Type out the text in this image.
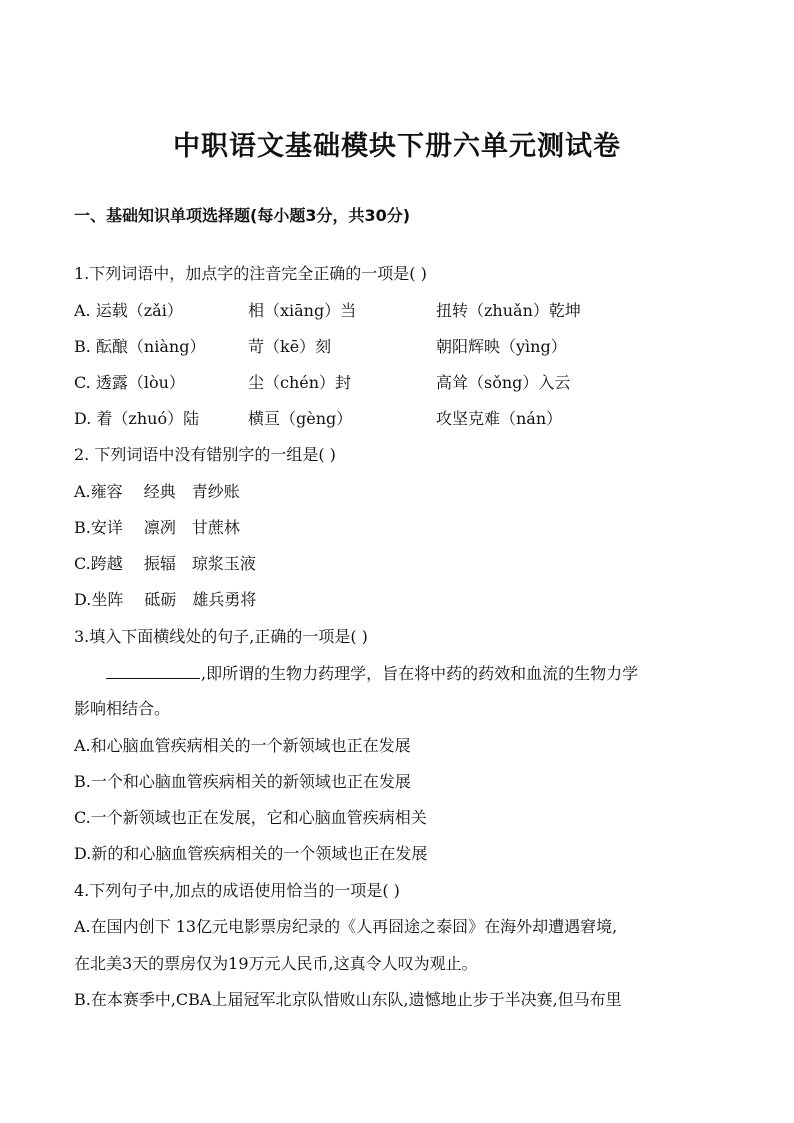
中职语文基础模块下册六单元测试卷
一、基础知识单项选择题(每小题3分，共30分)
1.下列词语中，加点字的注音完全正确的一项是( )
A. 运载（zǎi）	相（xiāng）当	扭转（zhuǎn）乾坤
B. 酝酿（niàng）	苛（kē）刻	朝阳辉映（yìng）
C. 透露（lòu）	尘（chén）封	高耸（sǒng）入云
D. 着（zhuó）陆	横亘（gèng）	攻坚克难（nán）
2. 下列词语中没有错别字的一组是( )
A.雍容　 经典　青纱账
B.安详　 凛冽　甘蔗林
C.跨越　 振辐　琼浆玉液
D.坐阵　 砥砺　雄兵勇将
3.填入下面横线处的句子,正确的一项是( )
,即所谓的生物力药理学，旨在将中药的药效和血流的生物力学
影响相结合。
A.和心脑血管疾病相关的一个新领域也正在发展
B.一个和心脑血管疾病相关的新领域也正在发展
C.一个新领域也正在发展，它和心脑血管疾病相关
D.新的和心脑血管疾病相关的一个领域也正在发展
4.下列句子中,加点的成语使用恰当的一项是( )
A.在国内创下 13亿元电影票房纪录的《人再囧途之泰囧》在海外却遭遇窘境,
在北美3天的票房仅为19万元人民币,这真令人叹为观止。
B.在本赛季中,CBA上届冠军北京队惜败山东队,遗憾地止步于半决赛,但马布里
